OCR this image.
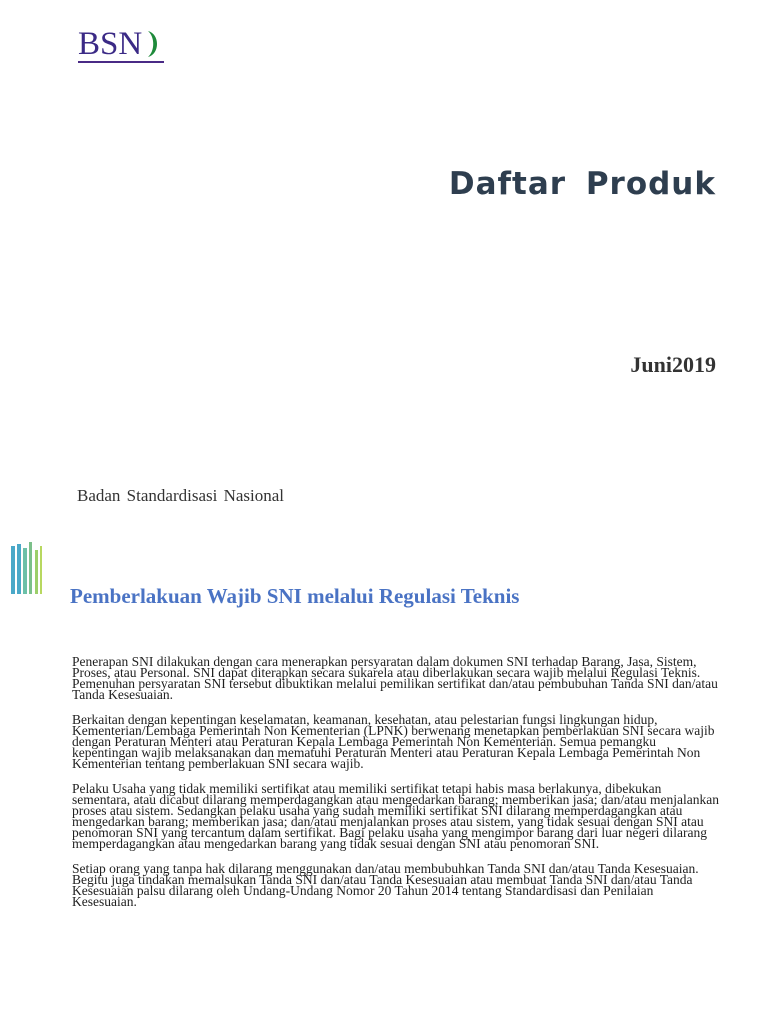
BSN
Daftar Produk
Juni2019
Badan Standardisasi Nasional
Pemberlakuan Wajib SNI melalui Regulasi Teknis

Penerapan SNI dilakukan dengan cara menerapkan persyaratan dalam dokumen SNI terhadap Barang, Jasa, Sistem, Proses, atau Personal. SNI dapat diterapkan secara sukarela atau diberlakukan secara wajib melalui Regulasi Teknis. Pemenuhan persyaratan SNI tersebut dibuktikan melalui pemilikan sertifikat dan/atau pembubuhan Tanda SNI dan/atau Tanda Kesesuaian.

Berkaitan dengan kepentingan keselamatan, keamanan, kesehatan, atau pelestarian fungsi lingkungan hidup, Kementerian/Lembaga Pemerintah Non Kementerian (LPNK) berwenang menetapkan pemberlakuan SNI secara wajib dengan Peraturan Menteri atau Peraturan Kepala Lembaga Pemerintah Non Kementerian. Semua pemangku kepentingan wajib melaksanakan dan mematuhi Peraturan Menteri atau Peraturan Kepala Lembaga Pemerintah Non Kementerian tentang pemberlakuan SNI secara wajib.

Pelaku Usaha yang tidak memiliki sertifikat atau memiliki sertifikat tetapi habis masa berlakunya, dibekukan sementara, atau dicabut dilarang memperdagangkan atau mengedarkan barang; memberikan jasa; dan/atau menjalankan proses atau sistem. Sedangkan pelaku usaha yang sudah memiliki sertifikat SNI dilarang memperdagangkan atau mengedarkan barang; memberikan jasa; dan/atau menjalankan proses atau sistem, yang tidak sesuai dengan SNI atau penomoran SNI yang tercantum dalam sertifikat. Bagi pelaku usaha yang mengimpor barang dari luar negeri dilarang memperdagangkan atau mengedarkan barang yang tidak sesuai dengan SNI atau penomoran SNI.

Setiap orang yang tanpa hak dilarang menggunakan dan/atau membubuhkan Tanda SNI dan/atau Tanda Kesesuaian. Begitu juga tindakan memalsukan Tanda SNI dan/atau Tanda Kesesuaian atau membuat Tanda SNI dan/atau Tanda Kesesuaian palsu dilarang oleh Undang-Undang Nomor 20 Tahun 2014 tentang Standardisasi dan Penilaian Kesesuaian.
